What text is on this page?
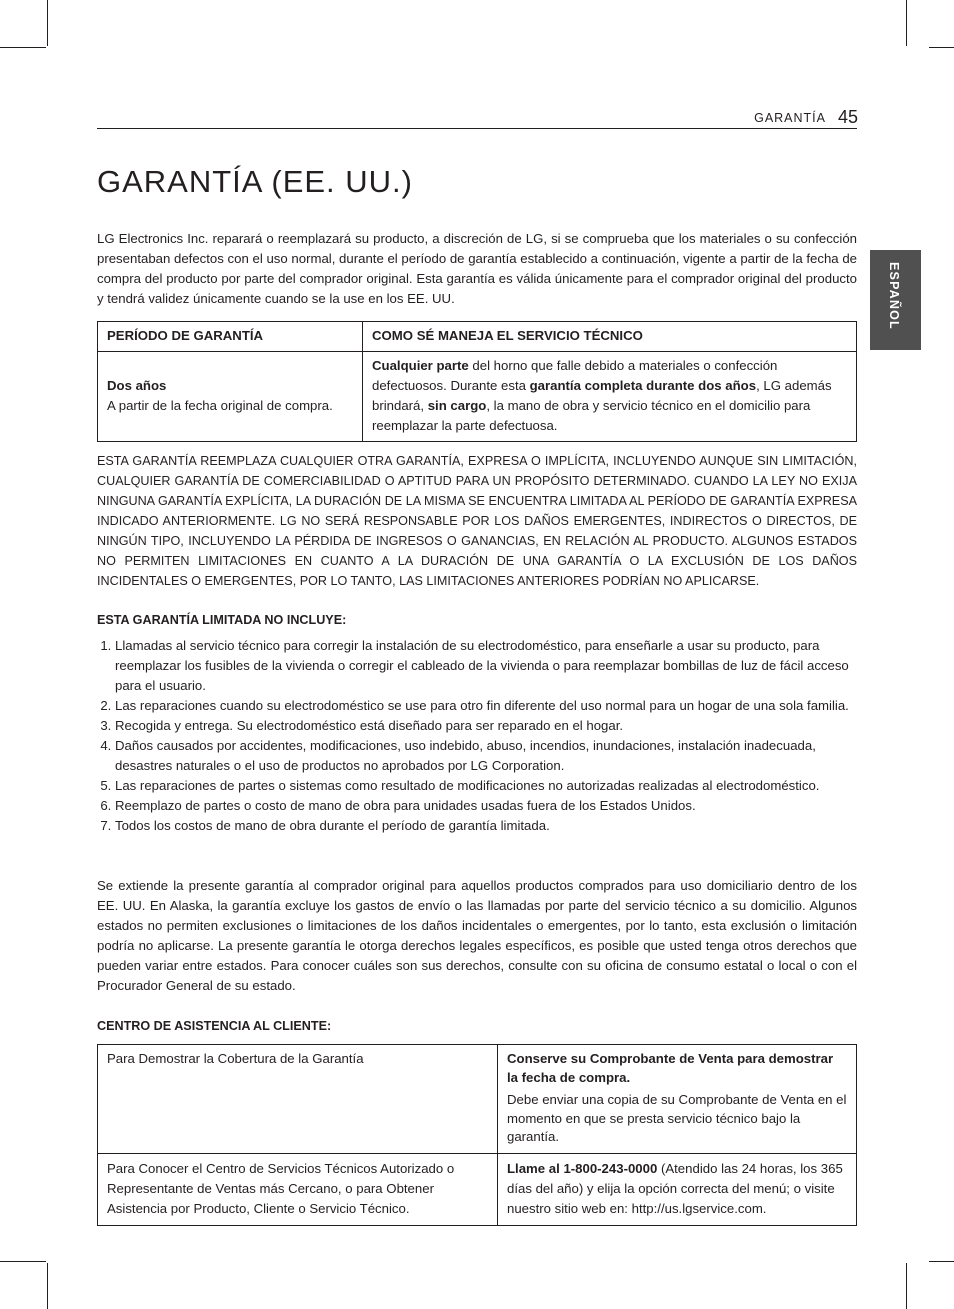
GARANTÍA 45
ESPAÑOL
GARANTÍA (EE. UU.)

LG Electronics Inc. reparará o reemplazará su producto, a discreción de LG, si se comprueba que los materiales o su confección presentaban defectos con el uso normal, durante el período de garantía establecido a continuación, vigente a partir de la fecha de compra del producto por parte del comprador original. Esta garantía es válida únicamente para el comprador original del producto y tendrá validez únicamente cuando se la use en los EE. UU.

PERÍODO DE GARANTÍA	COMO SÉ MANEJA EL SERVICIO TÉCNICO
Dos años
A partir de la fecha original de compra.	Cualquier parte del horno que falle debido a materiales o confección defectuosos. Durante esta garantía completa durante dos años, LG además brindará, sin cargo, la mano de obra y servicio técnico en el domicilio para reemplazar la parte defectuosa.

ESTA GARANTÍA REEMPLAZA CUALQUIER OTRA GARANTÍA, EXPRESA O IMPLÍCITA, INCLUYENDO AUNQUE SIN LIMITACIÓN, CUALQUIER GARANTÍA DE COMERCIABILIDAD O APTITUD PARA UN PROPÓSITO DETERMINADO. CUANDO LA LEY NO EXIJA NINGUNA GARANTÍA EXPLÍCITA, LA DURACIÓN DE LA MISMA SE ENCUENTRA LIMITADA AL PERÍODO DE GARANTÍA EXPRESA INDICADO ANTERIORMENTE. LG NO SERÁ RESPONSABLE POR LOS DAÑOS EMERGENTES, INDIRECTOS O DIRECTOS, DE NINGÚN TIPO, INCLUYENDO LA PÉRDIDA DE INGRESOS O GANANCIAS, EN RELACIÓN AL PRODUCTO. ALGUNOS ESTADOS NO PERMITEN LIMITACIONES EN CUANTO A LA DURACIÓN DE UNA GARANTÍA O LA EXCLUSIÓN DE LOS DAÑOS INCIDENTALES O EMERGENTES, POR LO TANTO, LAS LIMITACIONES ANTERIORES PODRÍAN NO APLICARSE.

ESTA GARANTÍA LIMITADA NO INCLUYE:

1. Llamadas al servicio técnico para corregir la instalación de su electrodoméstico, para enseñarle a usar su producto, para reemplazar los fusibles de la vivienda o corregir el cableado de la vivienda o para reemplazar bombillas de luz de fácil acceso para el usuario.
2. Las reparaciones cuando su electrodoméstico se use para otro fin diferente del uso normal para un hogar de una sola familia.
3. Recogida y entrega. Su electrodoméstico está diseñado para ser reparado en el hogar.
4. Daños causados por accidentes, modificaciones, uso indebido, abuso, incendios, inundaciones, instalación inadecuada, desastres naturales o el uso de productos no aprobados por LG Corporation.
5. Las reparaciones de partes o sistemas como resultado de modificaciones no autorizadas realizadas al electrodoméstico.
6. Reemplazo de partes o costo de mano de obra para unidades usadas fuera de los Estados Unidos.
7. Todos los costos de mano de obra durante el período de garantía limitada.

Se extiende la presente garantía al comprador original para aquellos productos comprados para uso domiciliario dentro de los EE. UU. En Alaska, la garantía excluye los gastos de envío o las llamadas por parte del servicio técnico a su domicilio. Algunos estados no permiten exclusiones o limitaciones de los daños incidentales o emergentes, por lo tanto, esta exclusión o limitación podría no aplicarse. La presente garantía le otorga derechos legales específicos, es posible que usted tenga otros derechos que pueden variar entre estados. Para conocer cuáles son sus derechos, consulte con su oficina de consumo estatal o local o con el Procurador General de su estado.

CENTRO DE ASISTENCIA AL CLIENTE:

Para Demostrar la Cobertura de la Garantía	Conserve su Comprobante de Venta para demostrar la fecha de compra.
Debe enviar una copia de su Comprobante de Venta en el momento en que se presta servicio técnico bajo la garantía.

Para Conocer el Centro de Servicios Técnicos Autorizado o Representante de Ventas más Cercano, o para Obtener Asistencia por Producto, Cliente o Servicio Técnico.	Llame al 1-800-243-0000 (Atendido las 24 horas, los 365 días del año) y elija la opción correcta del menú; o visite nuestro sitio web en: http://us.lgservice.com.
